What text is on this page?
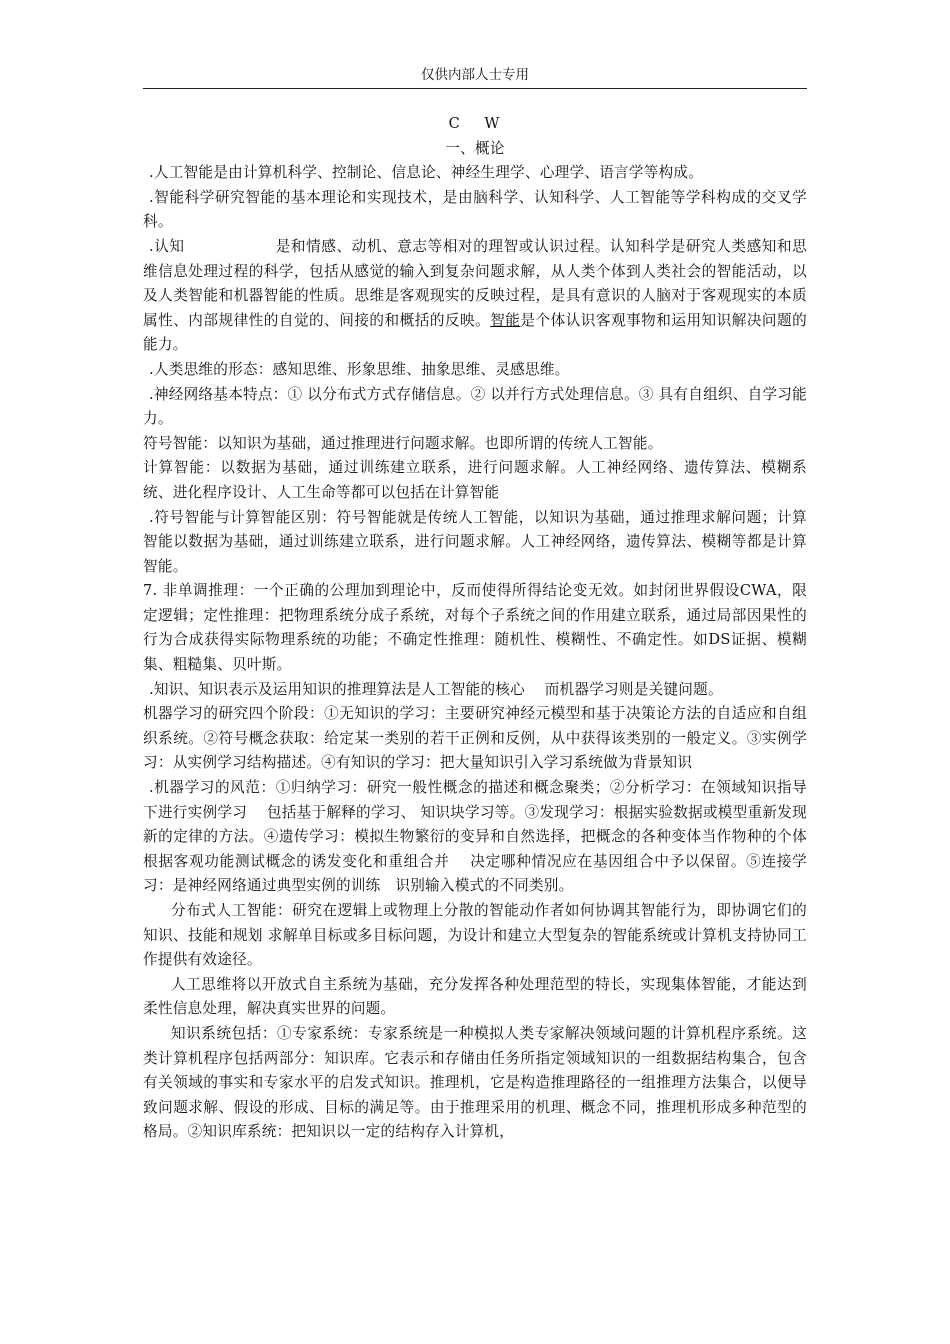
仅供内部人士专用
C W
一、概论

.人工智能是由计算机科学、控制论、信息论、神经生理学、心理学、语言学等构成。

.智能科学研究智能的基本理论和实现技术，是由脑科学、认知科学、人工智能等学科构成的交叉学科。

.认知　　　　　　是和情感、动机、意志等相对的理智或认识过程。认知科学是研究人类感知和思维信息处理过程的科学，包括从感觉的输入到复杂问题求解，从人类个体到人类社会的智能活动，以及人类智能和机器智能的性质。思维是客观现实的反映过程，是具有意识的人脑对于客观现实的本质属性、内部规律性的自觉的、间接的和概括的反映。智能是个体认识客观事物和运用知识解决问题的能力。

.人类思维的形态：感知思维、形象思维、抽象思维、灵感思维。

.神经网络基本特点：① 以分布式方式存储信息。② 以并行方式处理信息。③ 具有自组织、自学习能力。

符号智能：以知识为基础，通过推理进行问题求解。也即所谓的传统人工智能。

计算智能：以数据为基础，通过训练建立联系，进行问题求解。人工神经网络、遗传算法、模糊系统、进化程序设计、人工生命等都可以包括在计算智能

.符号智能与计算智能区别：符号智能就是传统人工智能，以知识为基础，通过推理求解问题；计算智能以数据为基础，通过训练建立联系，进行问题求解。人工神经网络，遗传算法、模糊等都是计算智能。

7. 非单调推理：一个正确的公理加到理论中，反而使得所得结论变无效。如封闭世界假设CWA，限定逻辑；定性推理：把物理系统分成子系统，对每个子系统之间的作用建立联系，通过局部因果性的行为合成获得实际物理系统的功能；不确定性推理：随机性、模糊性、不确定性。如DS证据、模糊集、粗糙集、贝叶斯。

.知识、知识表示及运用知识的推理算法是人工智能的核心　 而机器学习则是关键问题。

机器学习的研究四个阶段：①无知识的学习：主要研究神经元模型和基于决策论方法的自适应和自组织系统。②符号概念获取：给定某一类别的若干正例和反例，从中获得该类别的一般定义。③实例学习：从实例学习结构描述。④有知识的学习：把大量知识引入学习系统做为背景知识

.机器学习的风范：①归纳学习：研究一般性概念的描述和概念聚类；②分析学习：在领域知识指导下进行实例学习　 包括基于解释的学习、 知识块学习等。③发现学习：根据实验数据或模型重新发现新的定律的方法。④遗传学习：模拟生物繁衍的变异和自然选择，把概念的各种变体当作物种的个体　 根据客观功能测试概念的诱发变化和重组合并　 决定哪种情况应在基因组合中予以保留。⑤连接学习：是神经网络通过典型实例的训练　识别输入模式的不同类别。

分布式人工智能：研究在逻辑上或物理上分散的智能动作者如何协调其智能行为，即协调它们的知识、技能和规划 求解单目标或多目标问题，为设计和建立大型复杂的智能系统或计算机支持协同工作提供有效途径。

人工思维将以开放式自主系统为基础，充分发挥各种处理范型的特长，实现集体智能，才能达到柔性信息处理，解决真实世界的问题。

知识系统包括：①专家系统：专家系统是一种模拟人类专家解决领域问题的计算机程序系统。这类计算机程序包括两部分：知识库。它表示和存储由任务所指定领域知识的一组数据结构集合，包含有关领域的事实和专家水平的启发式知识。推理机，它是构造推理路径的一组推理方法集合，以便导致问题求解、假设的形成、目标的满足等。由于推理采用的机理、概念不同，推理机形成多种范型的格局。②知识库系统：把知识以一定的结构存入计算机，
